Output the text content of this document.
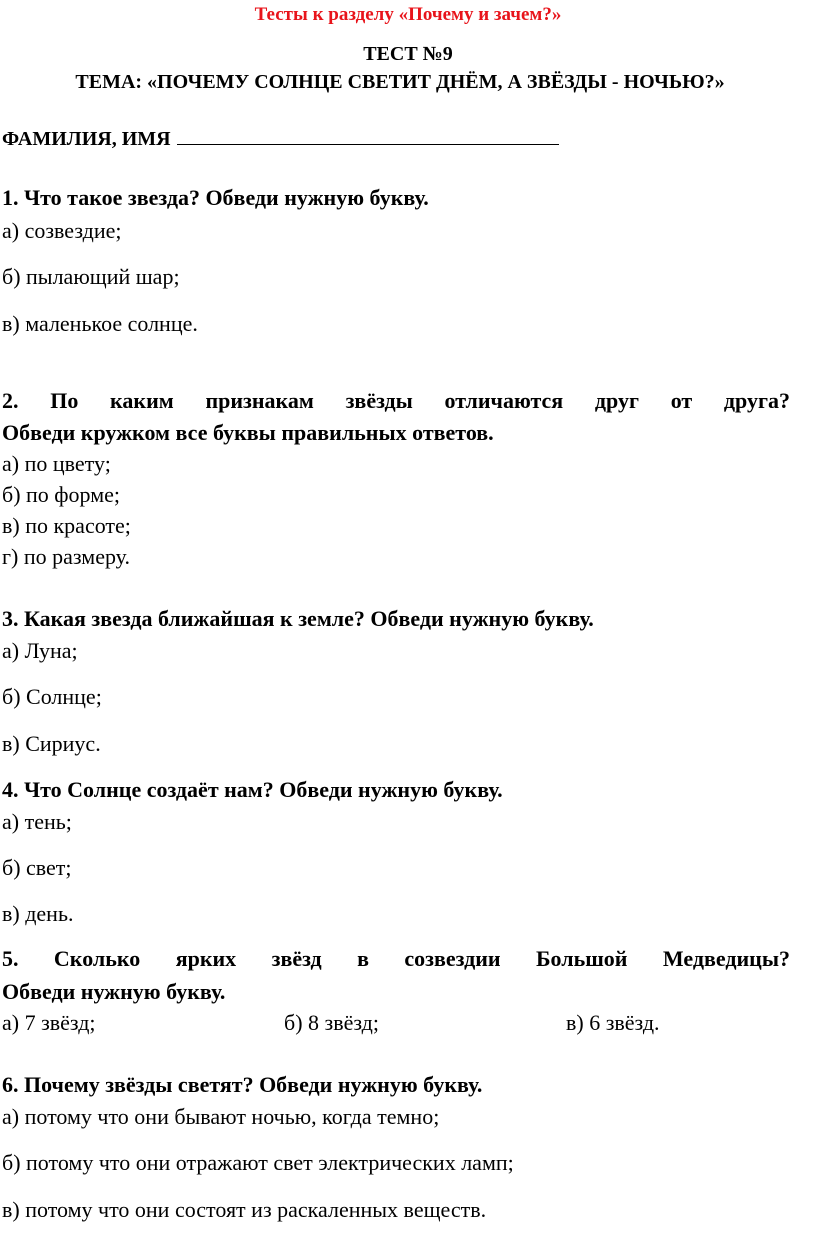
Тесты к разделу «Почему и зачем?»
ТЕСТ №9
ТЕМА: «ПОЧЕМУ СОЛНЦЕ СВЕТИТ ДНЁМ, А ЗВЁЗДЫ - НОЧЬЮ?»
ФАМИЛИЯ, ИМЯ
1. Что такое звезда? Обведи нужную букву.
а) созвездие;
б) пылающий шар;
в) маленькое солнце.
2. По каким признакам звёзды отличаются друг от друга?
Обведи кружком все буквы правильных ответов.
а) по цвету;
б) по форме;
в) по красоте;
г) по размеру.
3. Какая звезда ближайшая к земле? Обведи нужную букву.
а) Луна;
б) Солнце;
в) Сириус.
4. Что Солнце создаёт нам? Обведи нужную букву.
а) тень;
б) свет;
в) день.
5. Сколько ярких звёзд в созвездии Большой Медведицы?
Обведи нужную букву.
а) 7 звёзд;	б) 8 звёзд;	в) 6 звёзд.
6. Почему звёзды светят? Обведи нужную букву.
а) потому что они бывают ночью, когда темно;
б) потому что они отражают свет электрических ламп;
в) потому что они состоят из раскаленных веществ.
